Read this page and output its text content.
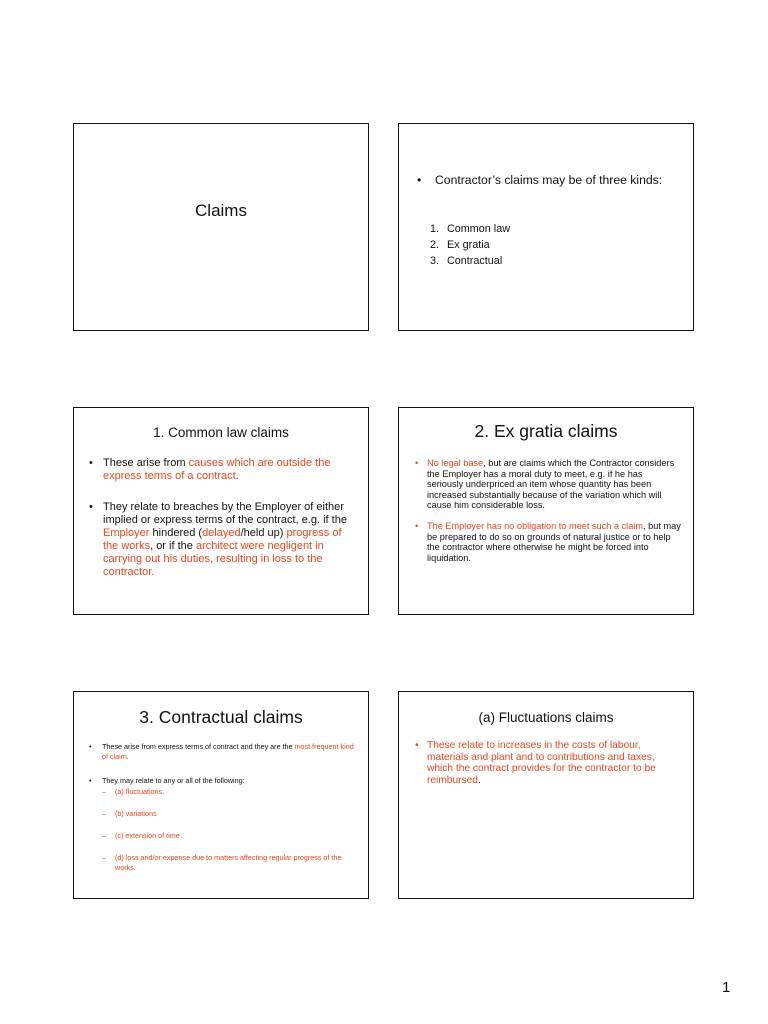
Claims
• Contractor’s claims may be of three kinds:
1. Common law
2. Ex gratia
3. Contractual
1. Common law claims
• These arise from causes which are outside the express terms of a contract.
• They relate to breaches by the Employer of either implied or express terms of the contract, e.g. if the Employer hindered (delayed/held up) progress of the works, or if the architect were negligent in carrying out his duties, resulting in loss to the contractor.
2. Ex gratia claims
• No legal base, but are claims which the Contractor considers the Employer has a moral duty to meet, e.g. if he has seriously underpriced an item whose quantity has been increased substantially because of the variation which will cause him considerable loss.
• The Employer has no obligation to meet such a claim, but may be prepared to do so on grounds of natural justice or to help the contractor where otherwise he might be forced into liquidation.
3. Contractual claims
• These arise from express terms of contract and they are the most frequent kind of claim.
• They may relate to any or all of the following:
– (a) fluctuations.
– (b) variations
– (c) extension of time
– (d) loss and/or expense due to matters affecting regular progress of the works.
(a) Fluctuations claims
• These relate to increases in the costs of labour, materials and plant and to contributions and taxes, which the contract provides for the contractor to be reimbursed.
1
